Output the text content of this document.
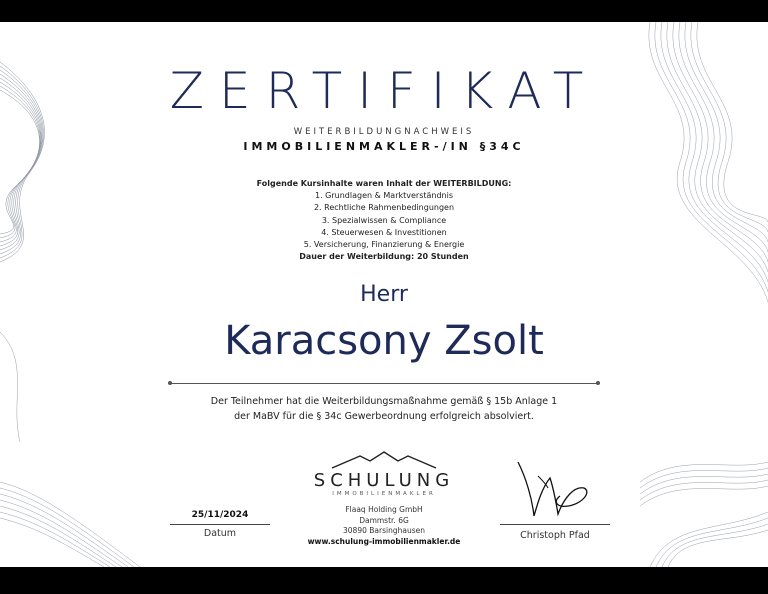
ZERTIFIKAT
WEITERBILDUNGNACHWEIS
IMMOBILIENMAKLER-/IN §34C
Folgende Kursinhalte waren Inhalt der WEITERBILDUNG:
1. Grundlagen & Marktverständnis
2. Rechtliche Rahmenbedingungen
3. Spezialwissen & Compliance
4. Steuerwesen & Investitionen
5. Versicherung, Finanzierung & Energie
Dauer der Weiterbildung: 20 Stunden
Herr
Karacsony Zsolt
Der Teilnehmer hat die Weiterbildungsmaßnahme gemäß § 15b Anlage 1
der MaBV für die § 34c Gewerbeordnung erfolgreich absolviert.
25/11/2024
Datum
SCHULUNG
IMMOBILIENMAKLER
Flaaq Holding GmbH
Dammstr. 6G
30890 Barsinghausen
www.schulung-immobilienmakler.de	Christoph Pfad
